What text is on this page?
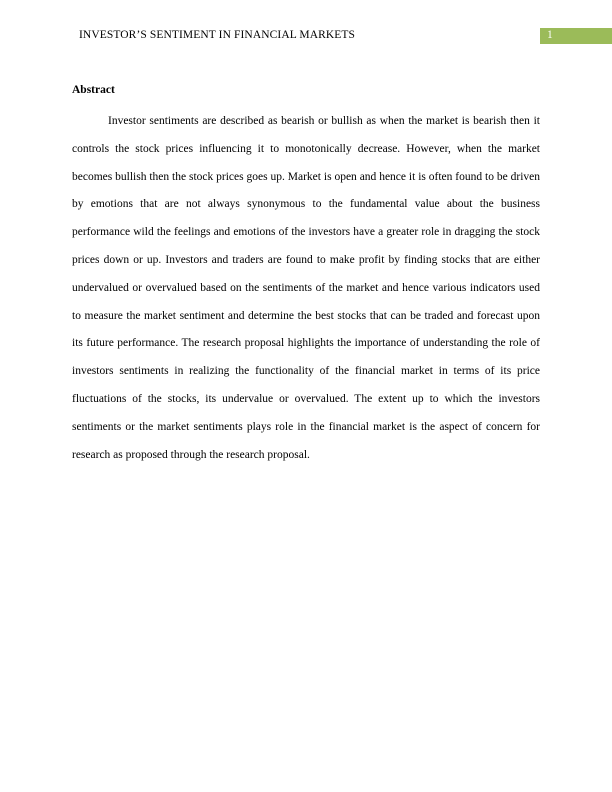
INVESTOR’S SENTIMENT IN FINANCIAL MARKETS	1
Abstract

Investor sentiments are described as bearish or bullish as when the market is bearish then it controls the stock prices influencing it to monotonically decrease. However, when the market becomes bullish then the stock prices goes up. Market is open and hence it is often found to be driven by emotions that are not always synonymous to the fundamental value about the business performance wild the feelings and emotions of the investors have a greater role in dragging the stock prices down or up. Investors and traders are found to make profit by finding stocks that are either undervalued or overvalued based on the sentiments of the market and hence various indicators used to measure the market sentiment and determine the best stocks that can be traded and forecast upon its future performance. The research proposal highlights the importance of understanding the role of investors sentiments in realizing the functionality of the financial market in terms of its price fluctuations of the stocks, its undervalue or overvalued. The extent up to which the investors sentiments or the market sentiments plays role in the financial market is the aspect of concern for research as proposed through the research proposal.
